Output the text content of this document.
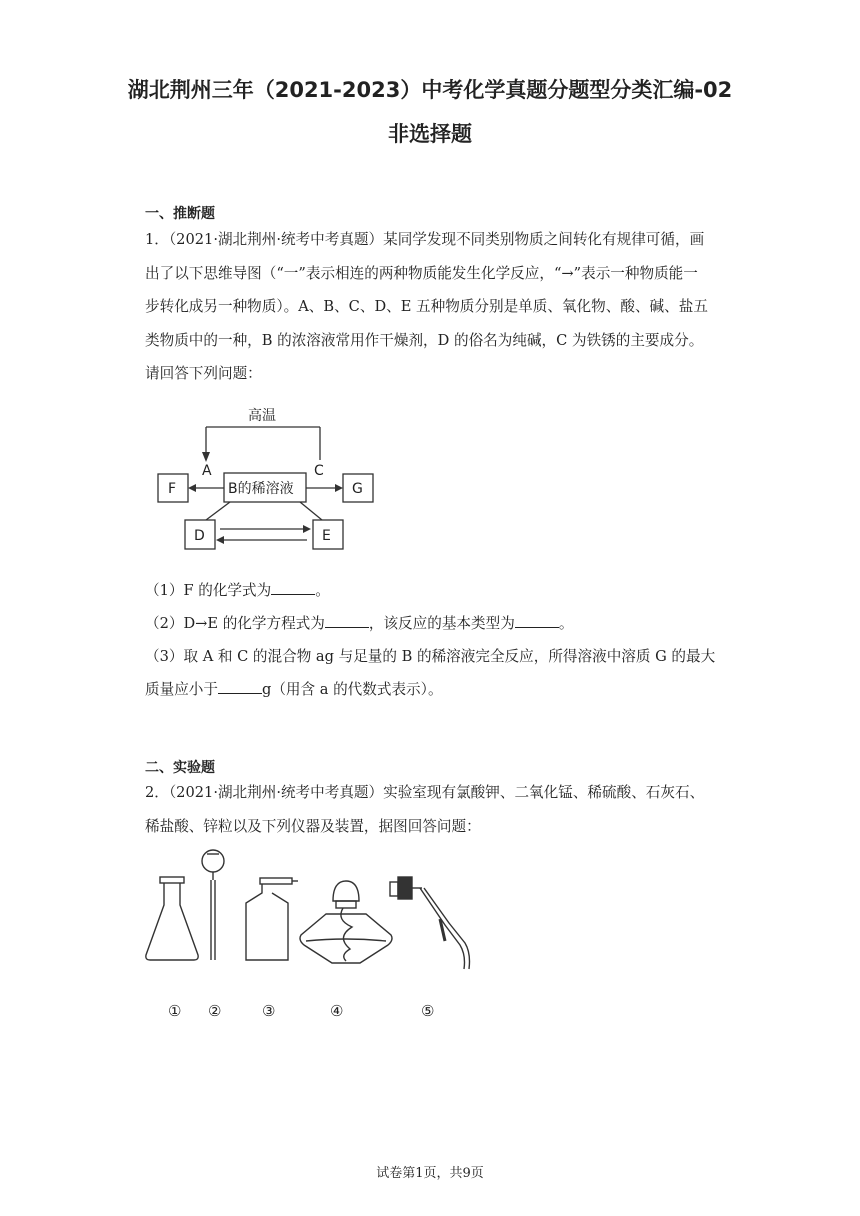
湖北荆州三年（2021-2023）中考化学真题分题型分类汇编-02
非选择题
一、推断题
1．（2021·湖北荆州·统考中考真题）某同学发现不同类别物质之间转化有规律可循，画
出了以下思维导图（“一”表示相连的两种物质能发生化学反应，“→”表示一种物质能一
步转化成另一种物质）。A、B、C、D、E 五种物质分别是单质、氧化物、酸、碱、盐五
类物质中的一种，B 的浓溶液常用作干燥剂，D 的俗名为纯碱，C 为铁锈的主要成分。
请回答下列问题：
高温
A	C
B的稀溶液
F	G
D	E
（1）F 的化学式为	。
（2）D→E 的化学方程式为	，该反应的基本类型为	。
（3）取 A 和 C 的混合物 ag 与足量的 B 的稀溶液完全反应，所得溶液中溶质 G 的最大
质量应小于	g（用含 a 的代数式表示）。
二、实验题
2．（2021·湖北荆州·统考中考真题）实验室现有氯酸钾、二氧化锰、稀硫酸、石灰石、
稀盐酸、锌粒以及下列仪器及装置，据图回答问题：
① ②	③	④	⑤
试卷第1页，共9页
